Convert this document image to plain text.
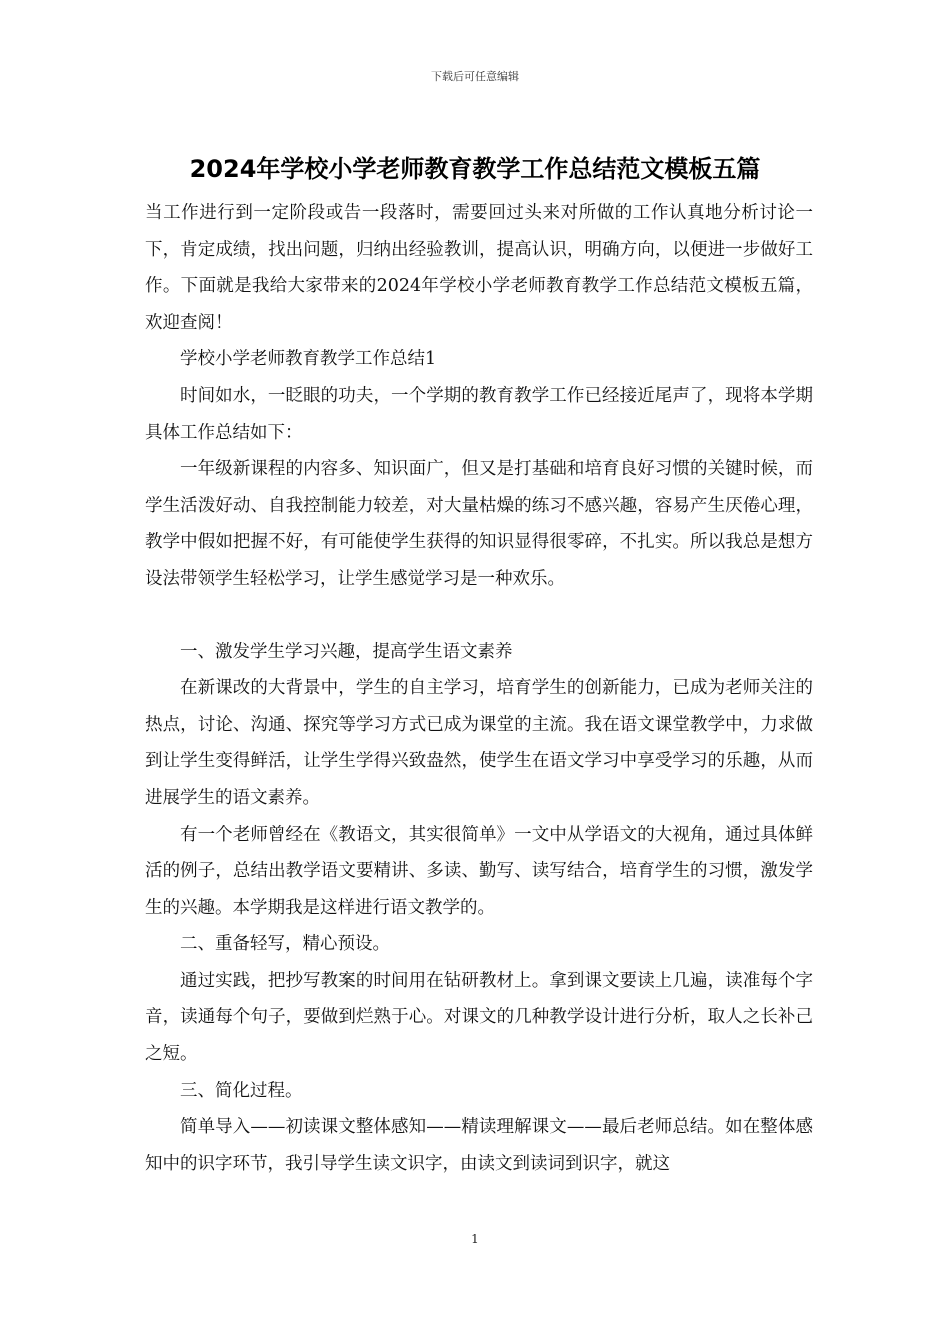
下载后可任意编辑
2024年学校小学老师教育教学工作总结范文模板五篇

当工作进行到一定阶段或告一段落时，需要回过头来对所做的工作认真地分析讨论一下，肯定成绩，找出问题，归纳出经验教训，提高认识，明确方向，以便进一步做好工作。下面就是我给大家带来的2024年学校小学老师教育教学工作总结范文模板五篇，欢迎查阅！

学校小学老师教育教学工作总结1

时间如水，一眨眼的功夫，一个学期的教育教学工作已经接近尾声了，现将本学期具体工作总结如下：

一年级新课程的内容多、知识面广，但又是打基础和培育良好习惯的关键时候，而学生活泼好动、自我控制能力较差，对大量枯燥的练习不感兴趣，容易产生厌倦心理，教学中假如把握不好，有可能使学生获得的知识显得很零碎，不扎实。所以我总是想方设法带领学生轻松学习，让学生感觉学习是一种欢乐。

一、激发学生学习兴趣，提高学生语文素养

在新课改的大背景中，学生的自主学习，培育学生的创新能力，已成为老师关注的热点，讨论、沟通、探究等学习方式已成为课堂的主流。我在语文课堂教学中，力求做到让学生变得鲜活，让学生学得兴致盎然，使学生在语文学习中享受学习的乐趣，从而进展学生的语文素养。

有一个老师曾经在《教语文，其实很简单》一文中从学语文的大视角，通过具体鲜活的例子，总结出教学语文要精讲、多读、勤写、读写结合，培育学生的习惯，激发学生的兴趣。本学期我是这样进行语文教学的。

二、重备轻写，精心预设。

通过实践，把抄写教案的时间用在钻研教材上。拿到课文要读上几遍，读准每个字音，读通每个句子，要做到烂熟于心。对课文的几种教学设计进行分析，取人之长补己之短。

三、简化过程。

简单导入——初读课文整体感知——精读理解课文——最后老师总结。如在整体感知中的识字环节，我引导学生读文识字，由读文到读词到识字，就这

1
